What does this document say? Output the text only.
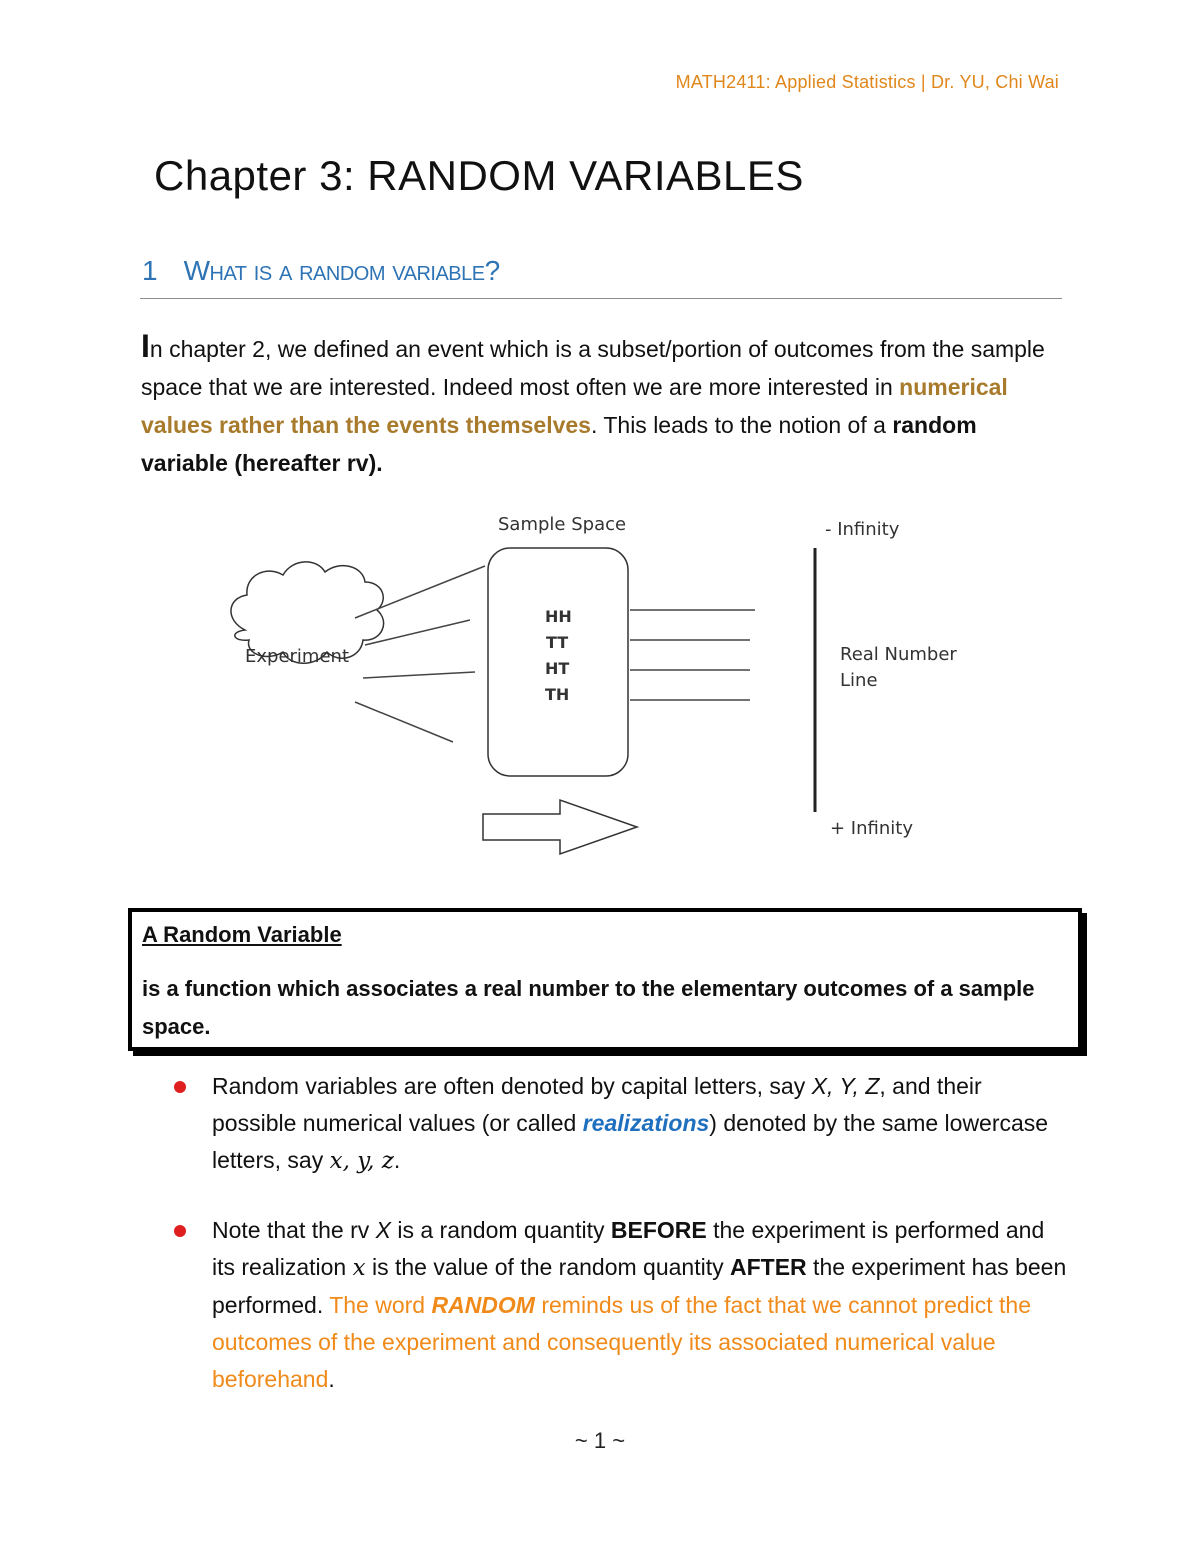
MATH2411: Applied Statistics | Dr. YU, Chi Wai
Chapter 3: RANDOM VARIABLES
1 What is a random variable?
In chapter 2, we defined an event which is a subset/portion of outcomes from the sample space that we are interested. Indeed most often we are more interested in numerical values rather than the events themselves. This leads to the notion of a random variable (hereafter rv).
Experiment
Sample Space
HH
TT
HT
TH
- Infinity
Real Number
Line
+ Infinity
A Random Variable
is a function which associates a real number to the elementary outcomes of a sample space.
Random variables are often denoted by capital letters, say X, Y, Z, and their possible numerical values (or called realizations) denoted by the same lowercase letters, say x, y, z.
Note that the rv X is a random quantity BEFORE the experiment is performed and its realization x is the value of the random quantity AFTER the experiment has been performed. The word RANDOM reminds us of the fact that we cannot predict the outcomes of the experiment and consequently its associated numerical value beforehand.
~ 1 ~
